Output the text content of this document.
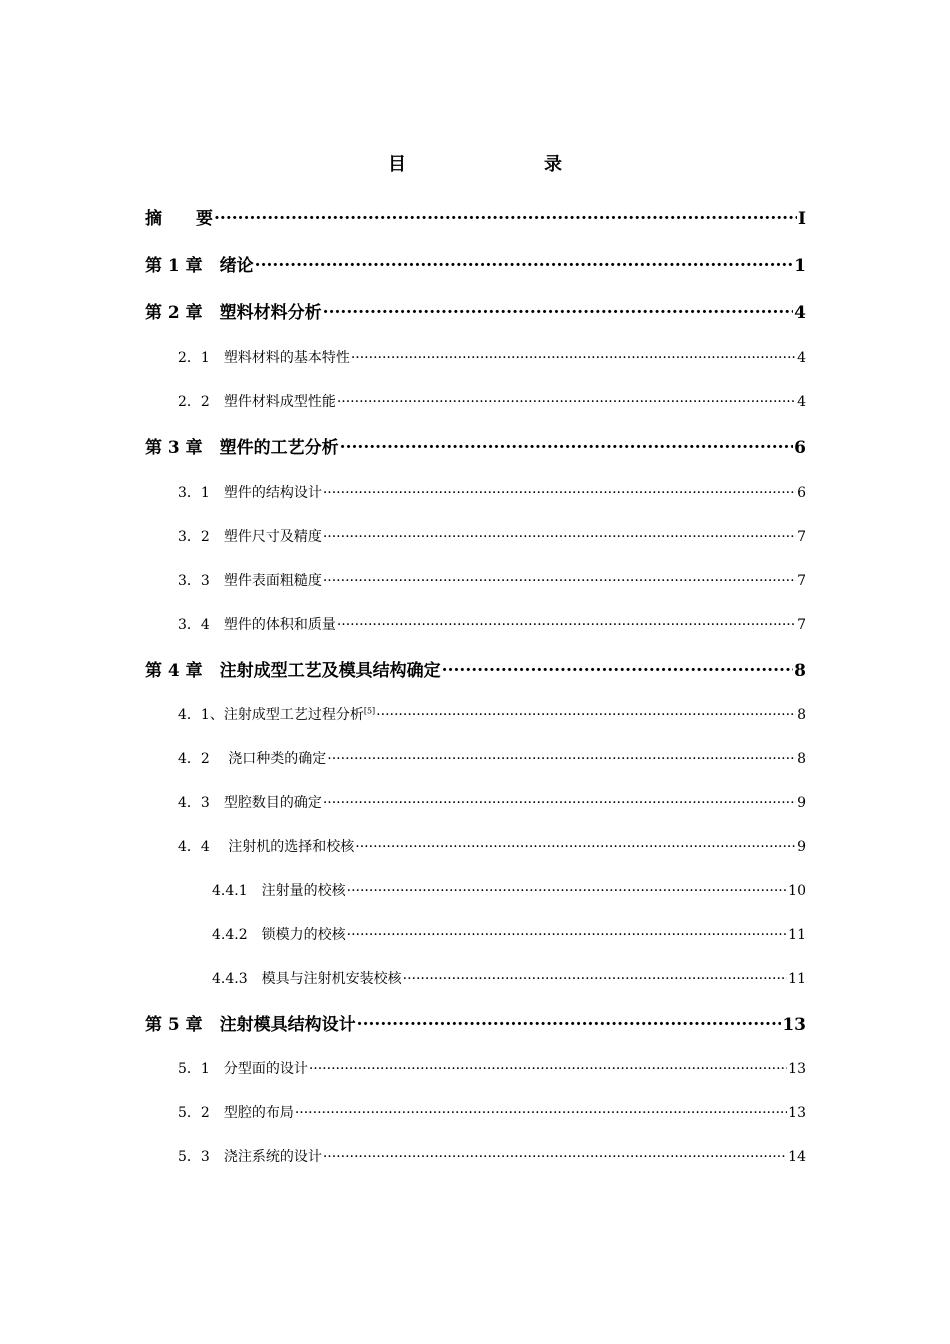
目　　录
摘　　要 .....	I
第 1 章　绪论 .....	1
第 2 章　塑料材料分析 .....	4
2．1　塑料材料的基本特性 .....	4
2．2　塑件材料成型性能 .....	4
第 3 章　塑件的工艺分析 .....	6
3．1　塑件的结构设计 .....	6
3．2　塑件尺寸及精度 .....	7
3．3　塑件表面粗糙度 .....	7
3．4　塑件的体积和质量 .....	7
第 4 章　注射成型工艺及模具结构确定 .....	8
4．1、注射成型工艺过程分析[5] .....	8
4．2　 浇口种类的确定 .....	8
4．3　型腔数目的确定 .....	9
4．4　 注射机的选择和校核 .....	9
4.4.1　注射量的校核 .....	10
4.4.2　锁模力的校核 .....	11
4.4.3　模具与注射机安装校核 .....	11
第 5 章　注射模具结构设计 .....	13
5．1　分型面的设计 .....	13
5．2　型腔的布局 .....	13
5．3　浇注系统的设计 .....	14
